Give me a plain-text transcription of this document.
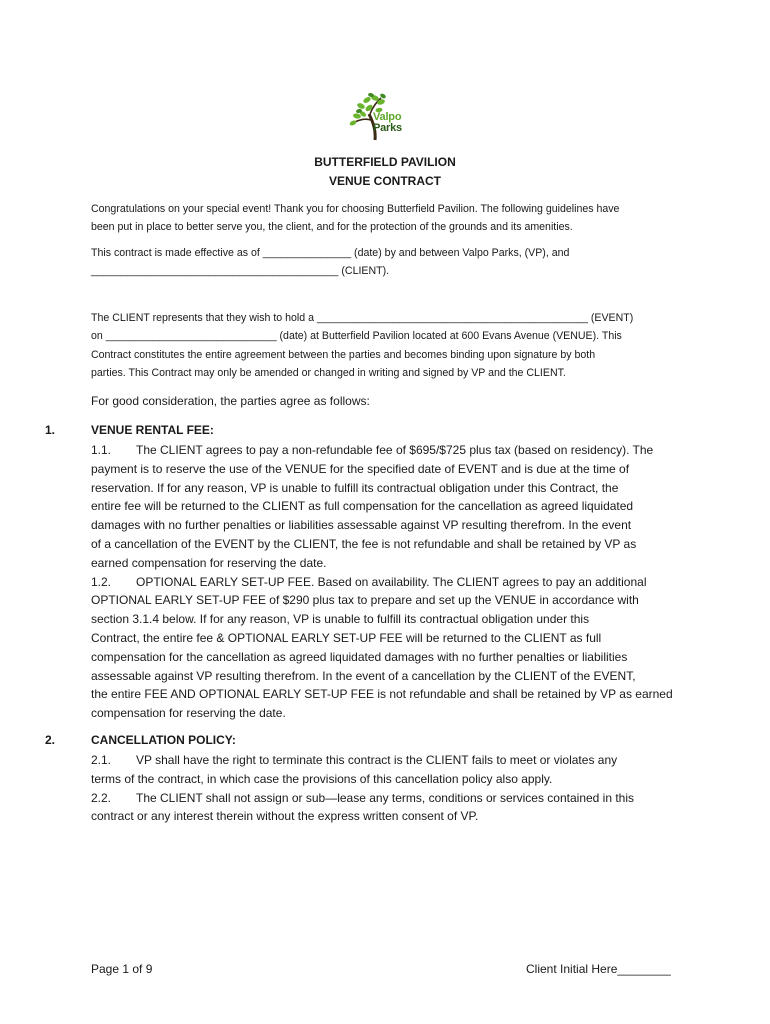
Valpo
Parks
BUTTERFIELD PAVILION
VENUE CONTRACT
Congratulations on your special event! Thank you for choosing Butterfield Pavilion. The following guidelines have
been put in place to better serve you, the client, and for the protection of the grounds and its amenities.
This contract is made effective as of _______________ (date) by and between Valpo Parks, (VP), and
__________________________________________ (CLIENT).
The CLIENT represents that they wish to hold a ______________________________________________ (EVENT)
on _____________________________ (date) at Butterfield Pavilion located at 600 Evans Avenue (VENUE). This
Contract constitutes the entire agreement between the parties and becomes binding upon signature by both
parties. This Contract may only be amended or changed in writing and signed by VP and the CLIENT.
For good consideration, the parties agree as follows:
1.	VENUE RENTAL FEE:
1.1. The CLIENT agrees to pay a non-refundable fee of $695/$725 plus tax (based on residency). The
payment is to reserve the use of the VENUE for the specified date of EVENT and is due at the time of
reservation. If for any reason, VP is unable to fulfill its contractual obligation under this Contract, the
entire fee will be returned to the CLIENT as full compensation for the cancellation as agreed liquidated
damages with no further penalties or liabilities assessable against VP resulting therefrom. In the event
of a cancellation of the EVENT by the CLIENT, the fee is not refundable and shall be retained by VP as
earned compensation for reserving the date.
1.2. OPTIONAL EARLY SET-UP FEE. Based on availability. The CLIENT agrees to pay an additional
OPTIONAL EARLY SET-UP FEE of $290 plus tax to prepare and set up the VENUE in accordance with
section 3.1.4 below. If for any reason, VP is unable to fulfill its contractual obligation under this
Contract, the entire fee & OPTIONAL EARLY SET-UP FEE will be returned to the CLIENT as full
compensation for the cancellation as agreed liquidated damages with no further penalties or liabilities
assessable against VP resulting therefrom. In the event of a cancellation by the CLIENT of the EVENT,
the entire FEE AND OPTIONAL EARLY SET-UP FEE is not refundable and shall be retained by VP as earned
compensation for reserving the date.
2.	CANCELLATION POLICY:
2.1. VP shall have the right to terminate this contract is the CLIENT fails to meet or violates any
terms of the contract, in which case the provisions of this cancellation policy also apply.
2.2. The CLIENT shall not assign or sub—lease any terms, conditions or services contained in this
contract or any interest therein without the express written consent of VP.
Page 1 of 9	Client Initial Here________
